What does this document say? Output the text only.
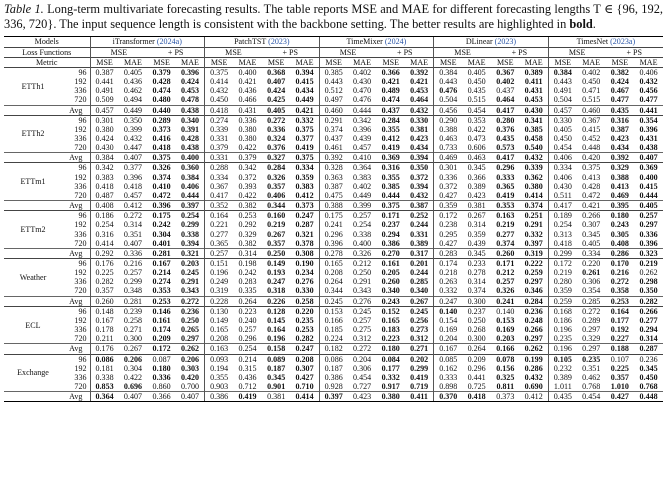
Table 1. Long-term multivariate forecasting results. The table reports MSE and MAE for different forecasting lengths T ∈ {96, 192, 336, 720}. The input sequence length is consistent with the backbone setting. The better results are highlighted in bold.

Models		iTransformer (2024a)				PatchTST (2023)				TimeMixer (2024)				DLinear (2023)				TimesNet (2023a)			
Loss Functions		MSE		+ PS		MSE		+ PS		MSE		+ PS		MSE		+ PS		MSE		+ PS	
Metric		MSE	MAE	MSE	MAE	MSE	MAE	MSE	MAE	MSE	MAE	MSE	MAE	MSE	MAE	MSE	MAE	MSE	MAE	MSE	MAE
ETTh1	96	0.387	0.405	0.379	0.396	0.375	0.400	0.368	0.394	0.385	0.402	0.366	0.392	0.384	0.405	0.367	0.389	0.384	0.402	0.382	0.406
	192	0.441	0.436	0.428	0.424	0.414	0.421	0.407	0.415	0.443	0.430	0.421	0.421	0.443	0.450	0.402	0.411	0.443	0.450	0.424	0.432
	336	0.491	0.462	0.474	0.453	0.432	0.436	0.424	0.434	0.512	0.470	0.489	0.453	0.476	0.435	0.437	0.431	0.491	0.471	0.467	0.456
	720	0.509	0.494	0.480	0.478	0.450	0.466	0.425	0.449	0.497	0.476	0.474	0.464	0.504	0.515	0.464	0.453	0.504	0.515	0.477	0.477
	Avg	0.457	0.449	0.440	0.438	0.418	0.431	0.405	0.421	0.460	0.444	0.437	0.432	0.456	0.454	0.417	0.430	0.457	0.460	0.435	0.441
ETTh2	96	0.301	0.350	0.289	0.340	0.274	0.336	0.272	0.332	0.291	0.342	0.284	0.330	0.290	0.353	0.280	0.341	0.330	0.367	0.316	0.354
	192	0.380	0.399	0.373	0.391	0.339	0.380	0.336	0.375	0.374	0.396	0.355	0.381	0.388	0.422	0.376	0.385	0.405	0.415	0.387	0.396
	336	0.424	0.432	0.416	0.428	0.331	0.380	0.324	0.377	0.437	0.439	0.412	0.423	0.463	0.473	0.435	0.458	0.450	0.452	0.423	0.431
	720	0.430	0.447	0.418	0.438	0.379	0.422	0.376	0.419	0.461	0.457	0.419	0.434	0.733	0.606	0.573	0.540	0.454	0.448	0.434	0.438
	Avg	0.384	0.407	0.375	0.400	0.331	0.379	0.327	0.375	0.392	0.410	0.369	0.394	0.469	0.463	0.417	0.432	0.406	0.420	0.392	0.407
ETTm1	96	0.342	0.377	0.326	0.360	0.288	0.342	0.284	0.334	0.328	0.364	0.316	0.350	0.301	0.345	0.296	0.339	0.334	0.375	0.329	0.369
	192	0.383	0.396	0.374	0.384	0.334	0.372	0.326	0.359	0.363	0.383	0.355	0.372	0.336	0.366	0.333	0.362	0.406	0.413	0.388	0.400
	336	0.418	0.418	0.410	0.406	0.367	0.393	0.357	0.383	0.387	0.402	0.385	0.394	0.372	0.389	0.365	0.380	0.430	0.428	0.413	0.415
	720	0.487	0.457	0.472	0.444	0.417	0.422	0.406	0.412	0.475	0.449	0.444	0.432	0.427	0.423	0.419	0.414	0.511	0.472	0.469	0.444
	Avg	0.408	0.412	0.396	0.397	0.352	0.382	0.344	0.373	0.388	0.399	0.375	0.387	0.359	0.381	0.353	0.374	0.417	0.421	0.395	0.405
ETTm2	96	0.186	0.272	0.175	0.254	0.164	0.253	0.160	0.247	0.175	0.257	0.171	0.252	0.172	0.267	0.163	0.251	0.189	0.266	0.180	0.257
	192	0.254	0.314	0.242	0.299	0.221	0.292	0.219	0.287	0.241	0.254	0.237	0.244	0.238	0.314	0.219	0.291	0.254	0.307	0.243	0.297
	336	0.316	0.351	0.304	0.338	0.277	0.329	0.267	0.321	0.296	0.338	0.294	0.331	0.295	0.359	0.277	0.332	0.313	0.345	0.305	0.336
	720	0.414	0.407	0.401	0.394	0.365	0.382	0.357	0.378	0.396	0.400	0.386	0.389	0.427	0.439	0.374	0.397	0.418	0.405	0.408	0.396
	Avg	0.292	0.336	0.281	0.321	0.257	0.314	0.250	0.308	0.278	0.326	0.270	0.317	0.283	0.345	0.260	0.319	0.299	0.334	0.286	0.323
Weather	96	0.176	0.216	0.167	0.203	0.151	0.198	0.149	0.190	0.165	0.212	0.161	0.201	0.174	0.233	0.171	0.222	0.172	0.220	0.170	0.219
	192	0.225	0.257	0.214	0.245	0.196	0.242	0.193	0.234	0.208	0.250	0.205	0.244	0.218	0.278	0.212	0.259	0.219	0.261	0.216	0.262
	336	0.282	0.299	0.274	0.291	0.249	0.283	0.247	0.276	0.264	0.291	0.260	0.285	0.263	0.314	0.257	0.297	0.280	0.306	0.272	0.298
	720	0.357	0.348	0.353	0.343	0.319	0.335	0.318	0.330	0.344	0.343	0.340	0.340	0.332	0.374	0.326	0.346	0.359	0.354	0.358	0.350
	Avg	0.260	0.281	0.253	0.272	0.228	0.264	0.226	0.258	0.245	0.276	0.243	0.267	0.247	0.300	0.241	0.284	0.259	0.285	0.253	0.282
ECL	96	0.148	0.239	0.146	0.236	0.130	0.223	0.128	0.220	0.153	0.245	0.152	0.245	0.140	0.237	0.140	0.236	0.168	0.272	0.164	0.266
	192	0.167	0.258	0.161	0.250	0.149	0.240	0.145	0.235	0.166	0.257	0.165	0.256	0.154	0.250	0.153	0.248	0.186	0.289	0.177	0.277
	336	0.178	0.271	0.174	0.265	0.165	0.257	0.164	0.253	0.185	0.275	0.183	0.273	0.169	0.268	0.169	0.266	0.196	0.297	0.192	0.294
	720	0.211	0.300	0.209	0.297	0.208	0.296	0.196	0.282	0.224	0.312	0.223	0.312	0.204	0.300	0.203	0.297	0.235	0.329	0.227	0.314
	Avg	0.176	0.267	0.172	0.262	0.163	0.254	0.158	0.247	0.182	0.272	0.180	0.271	0.167	0.264	0.166	0.262	0.196	0.297	0.188	0.287
Exchange	96	0.086	0.206	0.087	0.206	0.093	0.214	0.089	0.208	0.086	0.204	0.084	0.202	0.085	0.209	0.078	0.199	0.105	0.235	0.107	0.236
	192	0.181	0.304	0.180	0.303	0.194	0.315	0.187	0.307	0.187	0.306	0.177	0.299	0.162	0.296	0.156	0.286	0.232	0.351	0.225	0.345
	336	0.338	0.422	0.336	0.420	0.355	0.436	0.345	0.427	0.386	0.454	0.332	0.419	0.333	0.441	0.325	0.432	0.389	0.462	0.357	0.450
	720	0.853	0.696	0.860	0.700	0.903	0.712	0.901	0.710	0.928	0.727	0.917	0.719	0.898	0.725	0.811	0.690	1.011	0.768	1.010	0.768
	Avg	0.364	0.407	0.366	0.407	0.386	0.419	0.381	0.414	0.397	0.423	0.380	0.411	0.370	0.418	0.373	0.412	0.435	0.454	0.427	0.448
